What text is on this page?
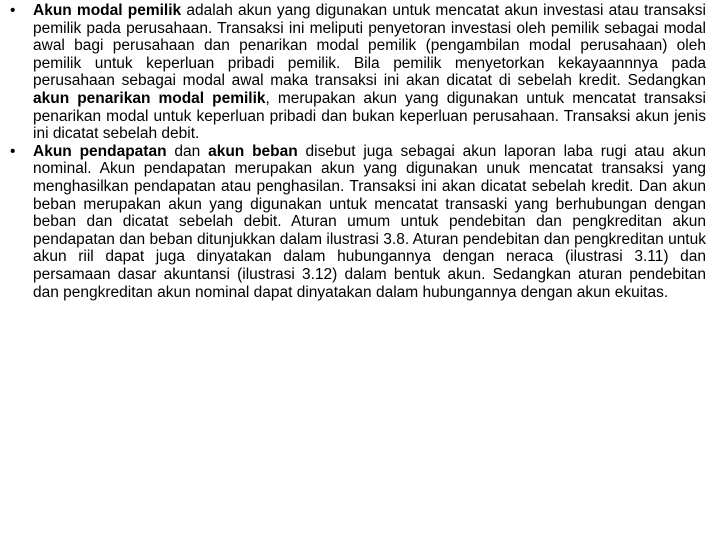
•	Akun modal pemilik adalah akun yang digunakan untuk mencatat akun investasi atau transaksi pemilik pada perusahaan. Transaksi ini meliputi penyetoran investasi oleh pemilik sebagai modal awal bagi perusahaan dan penarikan modal pemilik (pengambilan modal perusahaan) oleh pemilik untuk keperluan pribadi pemilik. Bila pemilik menyetorkan kekayaannnya pada perusahaan sebagai modal awal maka transaksi ini akan dicatat di sebelah kredit. Sedangkan akun penarikan modal pemilik, merupakan akun yang digunakan untuk mencatat transaksi penarikan modal untuk keperluan pribadi dan bukan keperluan perusahaan. Transaksi akun jenis ini dicatat sebelah debit.
•	Akun pendapatan dan akun beban disebut juga sebagai akun laporan laba rugi atau akun nominal. Akun pendapatan merupakan akun yang digunakan unuk mencatat transaksi yang menghasilkan pendapatan atau penghasilan. Transaksi ini akan dicatat sebelah kredit. Dan akun beban merupakan akun yang digunakan untuk mencatat transaski yang berhubungan dengan beban dan dicatat sebelah debit. Aturan umum untuk pendebitan dan pengkreditan akun pendapatan dan beban ditunjukkan dalam ilustrasi 3.8. Aturan pendebitan dan pengkreditan untuk akun riil dapat juga dinyatakan dalam hubungannya dengan neraca (ilustrasi 3.11) dan persamaan dasar akuntansi (ilustrasi 3.12) dalam bentuk akun. Sedangkan aturan pendebitan dan pengkreditan akun nominal dapat dinyatakan dalam hubungannya dengan akun ekuitas.
